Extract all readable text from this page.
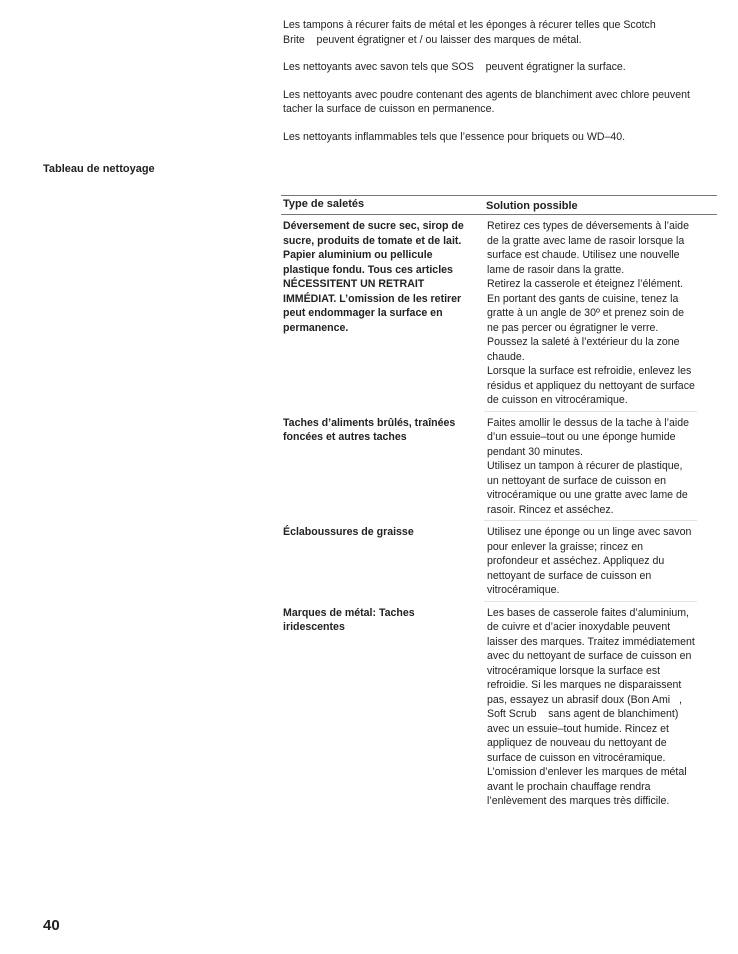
Les tampons à récurer faits de métal et les éponges à récurer telles que Scotch Brite    peuvent égratigner et / ou laisser des marques de métal.

Les nettoyants avec savon tels que SOS    peuvent égratigner la surface.

Les nettoyants avec poudre contenant des agents de blanchiment avec chlore peuvent tacher la surface de cuisson en permanence.

Les nettoyants inflammables tels que l’essence pour briquets ou WD–40.

Tableau de nettoyage
Type de saletés	Solution possible
Déversement de sucre sec, sirop de sucre, produits de tomate et de lait. Papier aluminium ou pellicule plastique fondu. Tous ces articles NÉCESSITENT UN RETRAIT IMMÉDIAT. L’omission de les retirer peut endommager la surface en permanence.
Retirez ces types de déversements à l’aide de la gratte avec lame de rasoir lorsque la surface est chaude. Utilisez une nouvelle lame de rasoir dans la gratte.
Retirez la casserole et éteignez l’élément.
En portant des gants de cuisine, tenez la gratte à un angle de 30º et prenez soin de ne pas percer ou égratigner le verre. Poussez la saleté à l’extérieur du la zone chaude.
Lorsque la surface est refroidie, enlevez les résidus et appliquez du nettoyant de surface de cuisson en vitrocéramique.
Taches d’aliments brûlés, traînées foncées et autres taches
Faites amollir le dessus de la tache à l’aide d’un essuie–tout ou une éponge humide pendant 30 minutes.
Utilisez un tampon à récurer de plastique, un nettoyant de surface de cuisson en vitrocéramique ou une gratte avec lame de rasoir. Rincez et asséchez.
Éclaboussures de graisse	Utilisez une éponge ou un linge avec savon pour enlever la graisse; rincez en profondeur et asséchez. Appliquez du nettoyant de surface de cuisson en vitrocéramique.
Marques de métal: Taches iridescentes
Les bases de casserole faites d’aluminium, de cuivre et d’acier inoxydable peuvent laisser des marques. Traitez immédiatement avec du nettoyant de surface de cuisson en vitrocéramique lorsque la surface est refroidie. Si les marques ne disparaissent pas, essayez un abrasif doux (Bon Ami   , Soft Scrub    sans agent de blanchiment) avec un essuie–tout humide. Rincez et appliquez de nouveau du nettoyant de surface de cuisson en vitrocéramique. L’omission d’enlever les marques de métal avant le prochain chauffage rendra l’enlèvement des marques très difficile.

40
